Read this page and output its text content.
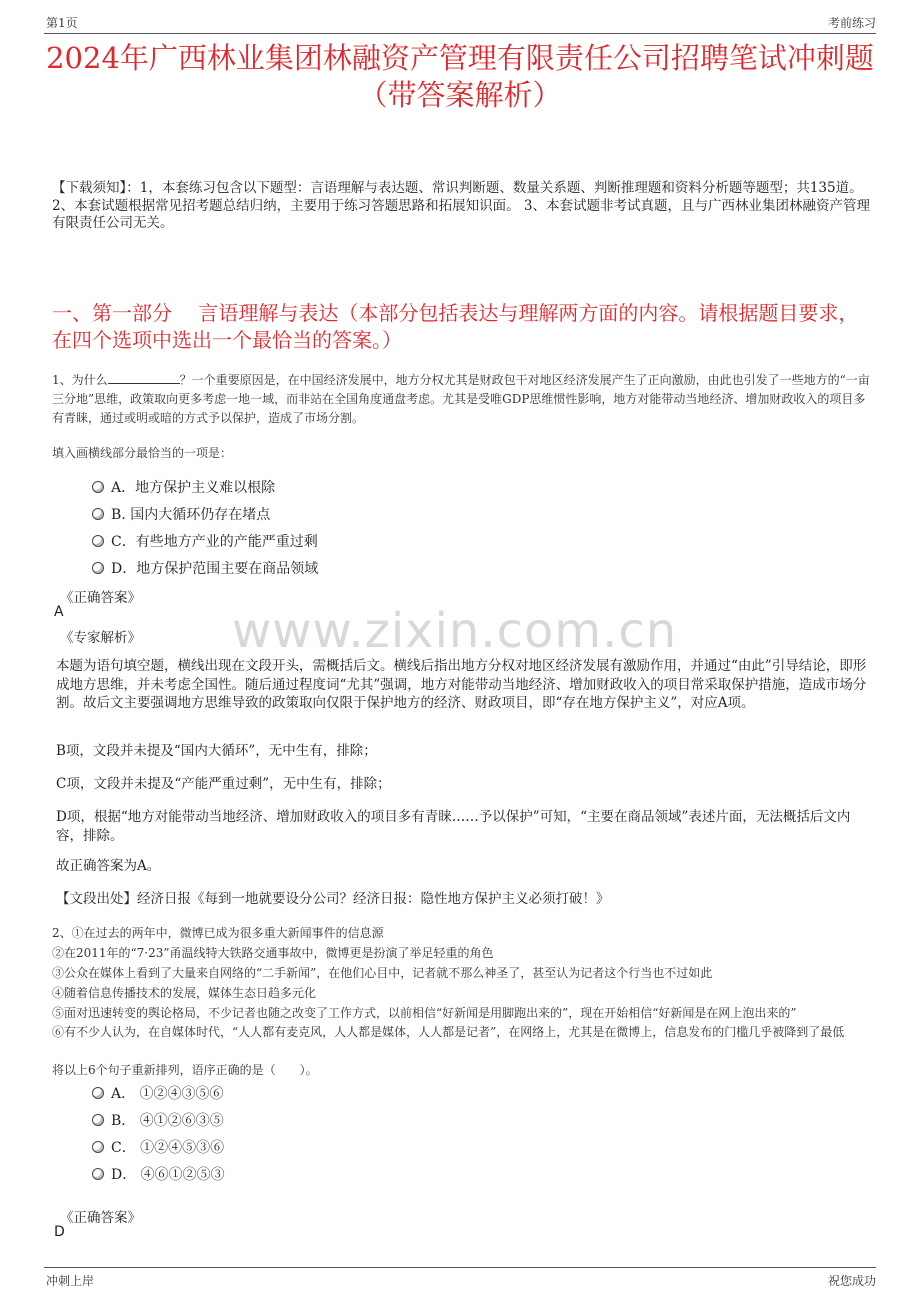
第1页	考前练习
2024年广西林业集团林融资产管理有限责任公司招聘笔试冲刺题（带答案解析）
【下载须知】：1，本套练习包含以下题型：言语理解与表达题、常识判断题、数量关系题、判断推理题和资料分析题等题型；共135道。 2、本套试题根据常见招考题总结归纳，主要用于练习答题思路和拓展知识面。 3、本套试题非考试真题，且与广西林业集团林融资产管理有限责任公司无关。
一、第一部分　 言语理解与表达（本部分包括表达与理解两方面的内容。请根据题目要求，在四个选项中选出一个最恰当的答案。）
1、为什么	？一个重要原因是，在中国经济发展中，地方分权尤其是财政包干对地区经济发展产生了正向激励，由此也引发了一些地方的“一亩三分地”思维，政策取向更多考虑一地一域，而非站在全国角度通盘考虑。尤其是受唯GDP思维惯性影响，地方对能带动当地经济、增加财政收入的项目多有青睐，通过或明或暗的方式予以保护，造成了市场分割。
填入画横线部分最恰当的一项是：
A．地方保护主义难以根除
B. 国内大循环仍存在堵点
C．有些地方产业的产能严重过剩
D．地方保护范围主要在商品领域
《正确答案》
A
《专家解析》 www.zixin.com.cn
本题为语句填空题，横线出现在文段开头，需概括后文。横线后指出地方分权对地区经济发展有激励作用，并通过“由此”引导结论，即形成地方思维，并未考虑全国性。随后通过程度词“尤其”强调，地方对能带动当地经济、增加财政收入的项目常采取保护措施，造成市场分割。故后文主要强调地方思维导致的政策取向仅限于保护地方的经济、财政项目，即“存在地方保护主义”，对应A项。
B项，文段并未提及“国内大循环”，无中生有，排除；
C项，文段并未提及“产能严重过剩”，无中生有，排除；
D项，根据“地方对能带动当地经济、增加财政收入的项目多有青睐……予以保护”可知，“主要在商品领域”表述片面，无法概括后文内容，排除。
故正确答案为A。
【文段出处】经济日报《每到一地就要设分公司？经济日报：隐性地方保护主义必须打破！》
2、①在过去的两年中，微博已成为很多重大新闻事件的信息源
②在2011年的“7·23”甬温线特大铁路交通事故中，微博更是扮演了举足轻重的角色
③公众在媒体上看到了大量来自网络的“二手新闻”，在他们心目中，记者就不那么神圣了，甚至认为记者这个行当也不过如此
④随着信息传播技术的发展，媒体生态日趋多元化
⑤面对迅速转变的舆论格局，不少记者也随之改变了工作方式，以前相信“好新闻是用脚跑出来的”，现在开始相信“好新闻是在网上泡出来的”
⑥有不少人认为，在自媒体时代，“人人都有麦克风，人人都是媒体，人人都是记者”，在网络上，尤其是在微博上，信息发布的门槛几乎被降到了最低
将以上6个句子重新排列，语序正确的是（　　）。
A． ①②④③⑤⑥
B． ④①②⑥③⑤
C． ①②④⑤③⑥
D． ④⑥①②⑤③
《正确答案》
D
冲刺上岸	祝您成功
